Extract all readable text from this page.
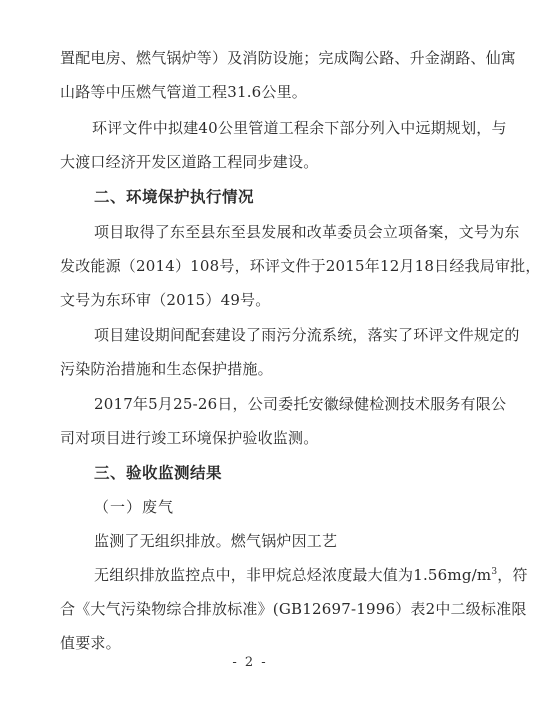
置配电房、燃气锅炉等）及消防设施；完成陶公路、升金湖路、仙寓
山路等中压燃气管道工程31.6公里。
环评文件中拟建40公里管道工程余下部分列入中远期规划，与
大渡口经济开发区道路工程同步建设。
二、环境保护执行情况
项目取得了东至县东至县发展和改革委员会立项备案，文号为东
发改能源（2014）108号，环评文件于2015年12月18日经我局审批，
文号为东环审（2015）49号。
项目建设期间配套建设了雨污分流系统，落实了环评文件规定的
污染防治措施和生态保护措施。
2017年5月25-26日，公司委托安徽绿健检测技术服务有限公
司对项目进行竣工环境保护验收监测。
三、验收监测结果
（一）废气
监测了无组织排放。燃气锅炉因工艺
无组织排放监控点中，非甲烷总烃浓度最大值为$1.56mg/m^3$，符
合《大气污染物综合排放标准》(GB12697-1996）表2中二级标准限
值要求。
- 2 -
